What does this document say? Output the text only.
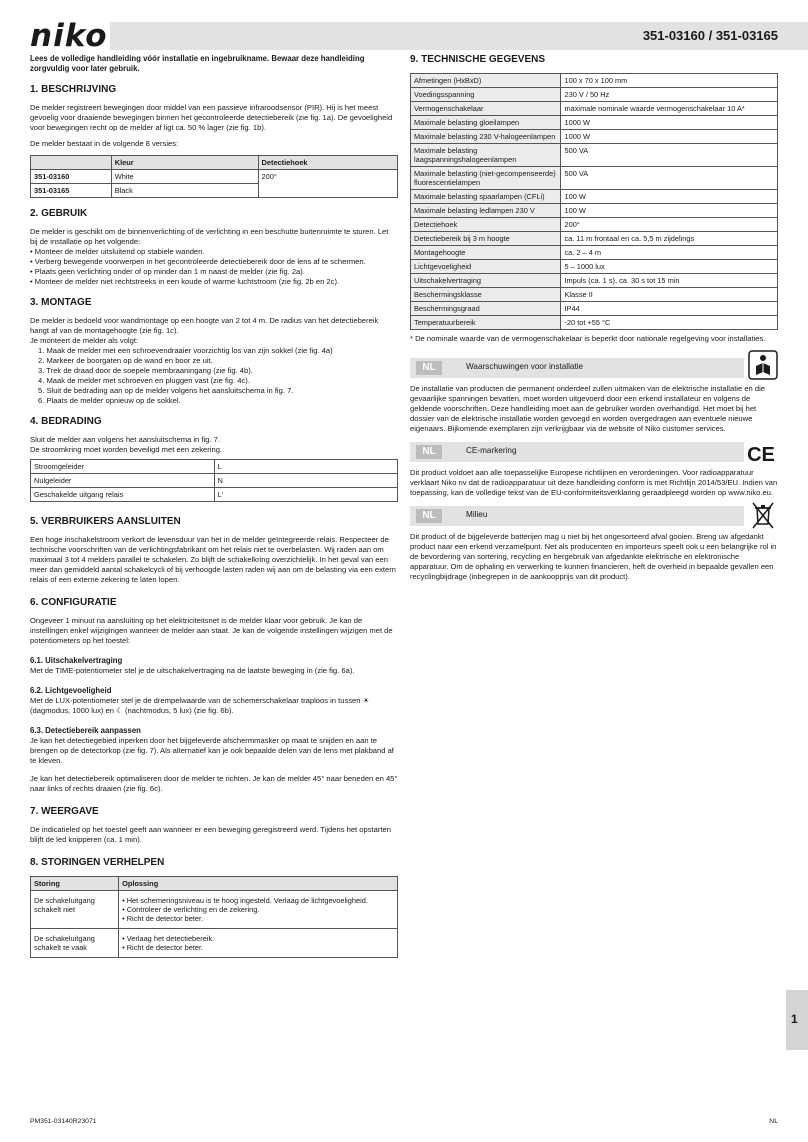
niko	351-03160 / 351-03165

Lees de volledige handleiding vóór installatie en ingebruikname. Bewaar deze handleiding zorgvuldig voor later gebruik.

1. BESCHRIJVING

De melder registreert bewegingen door middel van een passieve infraroodsensor (PIR). Hij is het meest gevoelig voor draaiende bewegingen binnen het gecontroleerde detectiebereik (zie fig. 1a). De gevoeligheid voor bewegingen recht op de melder af ligt ca. 50 % lager (zie fig. 1b).

De melder bestaat in de volgende 8 versies:

	Kleur	Detectiehoek
351-03160	White	200°
351-03165	Black	
2. GEBRUIK

De melder is geschikt om de binnenverlichting of de verlichting in een beschutte buitenruimte te sturen. Let bij de installatie op het volgende:

• Monteer de melder uitsluitend op stabiele wanden.
• Verberg bewegende voorwerpen in het gecontroleerde detectiebereik door de lens af te schermen.
• Plaats geen verlichting onder of op minder dan 1 m naast de melder (zie fig. 2a).
• Monteer de melder niet rechtstreeks in een koude of warme luchtstroom (zie fig. 2b en 2c).
3. MONTAGE

De melder is bedoeld voor wandmontage op een hoogte van 2 tot 4 m. De radius van het detectiebereik hangt af van de montagehoogte (zie fig. 1c).

Je monteert de melder als volgt:

1. Maak de melder met een schroevendraaier voorzichtig los van zijn sokkel (zie fig. 4a)
2. Markeer de boorgaten op de wand en boor ze uit.
3. Trek de draad door de soepele membraaningang (zie fig. 4b).
4. Maak de melder met schroeven en pluggen vast (zie fig. 4c).
5. Sluit de bedrading aan op de melder volgens het aansluitschema in fig. 7.
6. Plaats de melder opnieuw op de sokkel.
4. BEDRADING

Sluit de melder aan volgens het aansluitschema in fig. 7.

De stroomkring moet worden beveiligd met een zekering.

Stroomgeleider	L
Nulgeleider	N
Geschakelde uitgang relais	L'
5. VERBRUIKERS AANSLUITEN

Een hoge inschakelstroom verkort de levensduur van het in de melder geïntegreerde relais. Respecteer de technische voorschriften van de verlichtingsfabrikant om het relais niet te overbelasten. Wij raden aan om maximaal 3 tot 4 melders parallel te schakelen. Zo blijft de schakelkring overzichtelijk. In het geval van een meer dan gemiddeld aantal schakelcycli of bij verhoogde lasten raden wij aan om de belasting via een extern relais of een externe zekering te laten lopen.

6. CONFIGURATIE

Ongeveer 1 minuut na aansluiting op het elektriciteitsnet is de melder klaar voor gebruik. Je kan de instellingen enkel wijzigingen wanneer de melder aan staat. Je kan de volgende instellingen wijzigen met de potentiometers op het toestel:

6.1. Uitschakelvertraging

Met de TIME-potentiometer stel je de uitschakelvertraging na de laatste beweging in (zie fig. 6a).

6.2. Lichtgevoeligheid

Met de LUX-potentiometer stel je de drempelwaarde van de schemerschakelaar traploos in tussen ☀ (dagmodus, 1000 lux) en ☾ (nachtmodus, 5 lux) (zie fig. 6b).

6.3. Detectiebereik aanpassen

Je kan het detectiegebied inperken door het bijgeleverde afschermmasker op maat te snijden en aan te brengen op de detectorkop (zie fig. 7). Als alternatief kan je ook bepaalde delen van de lens met plakband af te kleven.

Je kan het detectiebereik optimaliseren door de melder te richten. Je kan de melder 45° naar beneden en 45° naar links of rechts draaien (zie fig. 6c).

7. WEERGAVE

De indicatieled op het toestel geeft aan wanneer er een beweging geregistreerd werd. Tijdens het opstarten blijft de led knipperen (ca. 1 min).

8. STORINGEN VERHELPEN
Storing	Oplossing
De schakeluitgang schakelt niet	• Het schemeringsniveau is te hoog ingesteld. Verlaag de lichtgevoeligheid.
• Controleer de verlichting en de zekering.
• Richt de detector beter.

De schakeluitgang schakelt te vaak	• Verlaag het detectiebereik.
• Richt de detector beter.
9. TECHNISCHE GEGEVENS
Afmetingen (HxBxD)	100 x 70 x 100 mm
Voedingsspanning	230 V / 50 Hz
Vermogenschakelaar	maximale nominale waarde vermogenschakelaar 10 A*
Maximale belasting gloeilampen	1000 W
Maximale belasting 230 V-halogeenlampen	1000 W
Maximale belasting laagspanningshalogeenlampen	500 VA
Maximale belasting (niet-gecompenseerde) fluorescentielampen	500 VA
Maximale belasting spaarlampen (CFLi)	100 W
Maximale belasting ledlampen 230 V	100 W
Detectiehoek	200°
Detectiebereik bij 3 m hoogte	ca. 11 m frontaal en ca. 5,5 m zijdelings
Montagehoogte	ca. 2 – 4 m
Lichtgevoeligheid	5 – 1000 lux
Uitschakelvertraging	Impuls (ca. 1 s), ca. 30 s tot 15 min
Beschermingsklasse	Klasse II
Beschermingsgraad	IP44
Temperatuurbereik	-20 tot +55 °C

* De nominale waarde van de vermogenschakelaar is beperkt door nationale regelgeving voor installaties.

NL	Waarschuwingen voor installatie

De installatie van producten die permanent onderdeel zullen uitmaken van de elektrische installatie en die gevaarlijke spanningen bevatten, moet worden uitgevoerd door een erkend installateur en volgens de geldende voorschriften. Deze handleiding moet aan de gebruiker worden overhandigd. Het moet bij het dossier van de elektrische installatie worden gevoegd en worden overgedragen aan eventuele nieuwe eigenaars. Bijkomende exemplaren zijn verkrijgbaar via de website of Niko customer services.

NL	CE-markering	CE

Dit product voldoet aan alle toepasselijke Europese richtlijnen en verordeningen. Voor radioapparatuur verklaart Niko nv dat de radioapparatuur uit deze handleiding conform is met Richtlijn 2014/53/EU. Indien van toepassing, kan de volledige tekst van de EU-conformiteitsverklaring geraadpleegd worden op www.niko.eu.

NL	Milieu

Dit product of de bijgeleverde batterijen mag u niet bij het ongesorteerd afval gooien. Breng uw afgedankt product naar een erkend verzamelpunt. Net als producenten en importeurs speelt ook u een belangrijke rol in de bevordering van sortering, recycling en hergebruik van afgedankte elektrische en elektronische apparatuur. Om de ophaling en verwerking te kunnen financieren, heft de overheid in bepaalde gevallen een recyclingbijdrage (inbegrepen in de aankoopprijs van dit product).

1
PM351-03140R23071	NL
